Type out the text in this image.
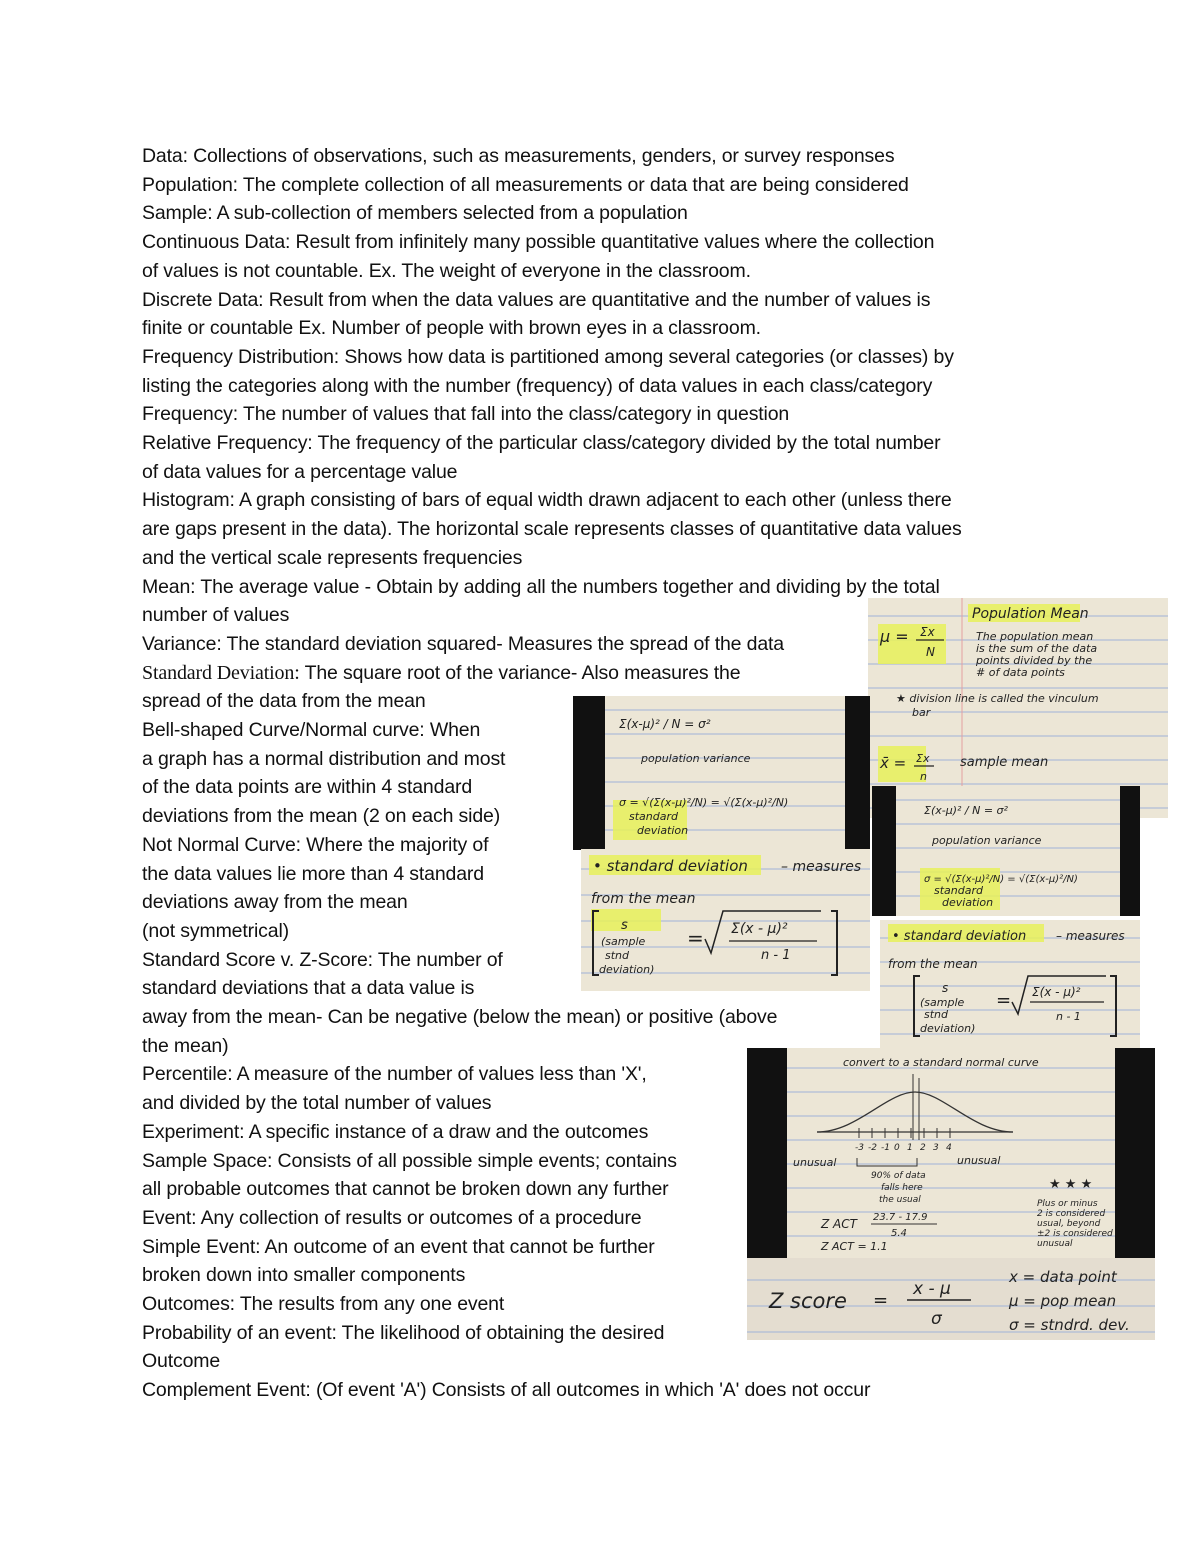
Data: Collections of observations, such as measurements, genders, or survey responses
Population: The complete collection of all measurements or data that are being considered
Sample: A sub-collection of members selected from a population
Continuous Data: Result from infinitely many possible quantitative values where the collection
of values is not countable. Ex. The weight of everyone in the classroom.
Discrete Data: Result from when the data values are quantitative and the number of values is
finite or countable Ex. Number of people with brown eyes in a classroom.
Frequency Distribution: Shows how data is partitioned among several categories (or classes) by
listing the categories along with the number (frequency) of data values in each class/category
Frequency: The number of values that fall into the class/category in question
Relative Frequency: The frequency of the particular class/category divided by the total number
of data values for a percentage value
Histogram: A graph consisting of bars of equal width drawn adjacent to each other (unless there
are gaps present in the data). The horizontal scale represents classes of quantitative data values
and the vertical scale represents frequencies
Mean: The average value - Obtain by adding all the numbers together and dividing by the total
number of values
Variance: The standard deviation squared- Measures the spread of the data
Standard Deviation: The square root of the variance- Also measures the
spread of the data from the mean
Bell-shaped Curve/Normal curve: When
a graph has a normal distribution and most
of the data points are within 4 standard
deviations from the mean (2 on each side)
Not Normal Curve: Where the majority of
the data values lie more than 4 standard
deviations away from the mean
(not symmetrical)
Standard Score v. Z-Score: The number of
standard deviations that a data value is
away from the mean- Can be negative (below the mean) or positive (above
the mean)
Percentile: A measure of the number of values less than 'X',
and divided by the total number of values
Experiment: A specific instance of a draw and the outcomes
Sample Space: Consists of all possible simple events; contains
all probable outcomes that cannot be broken down any further
Event: Any collection of results or outcomes of a procedure
Simple Event: An outcome of an event that cannot be further
broken down into smaller components
Outcomes: The results from any one event
Probability of an event: The likelihood of obtaining the desired
Outcome
Complement Event: (Of event 'A') Consists of all outcomes in which 'A' does not occur
Population Mean
μ = Σx
N
The population mean
is the sum of the data
points divided by the
# of data points
★ division line is called the vinculum
bar
x̄ = Σx
n
sample mean
Σ(x-μ)² / N = σ²
population variance
σ = √(Σ(x-μ)²/N) = √(Σ(x-μ)²/N)
standard
deviation
Σ(x-μ)² / N = σ²
population variance
σ = √(Σ(x-μ)²/N) = √(Σ(x-μ)²/N)
standard
deviation
• standard deviation – measures
from the mean
s
(sample
stnd
deviation)
= Σ(x - μ)²
n - 1
• standard deviation – measures
from the mean
s
(sample
stnd
deviation)
= Σ(x - μ)²
n - 1
convert to a standard normal curve
-3 -2 -1 0 1 2 3 4
unusual	unusual
90% of data
falls here
the usual
Z ACT 23.7 - 17.9
5.4
Z ACT = 1.1
★ ★ ★
Plus or minus
2 is considered
usual, beyond
±2 is considered
unusual
Z score =
x - μ
σ
x = data point
μ = pop mean
σ = stndrd. dev.
